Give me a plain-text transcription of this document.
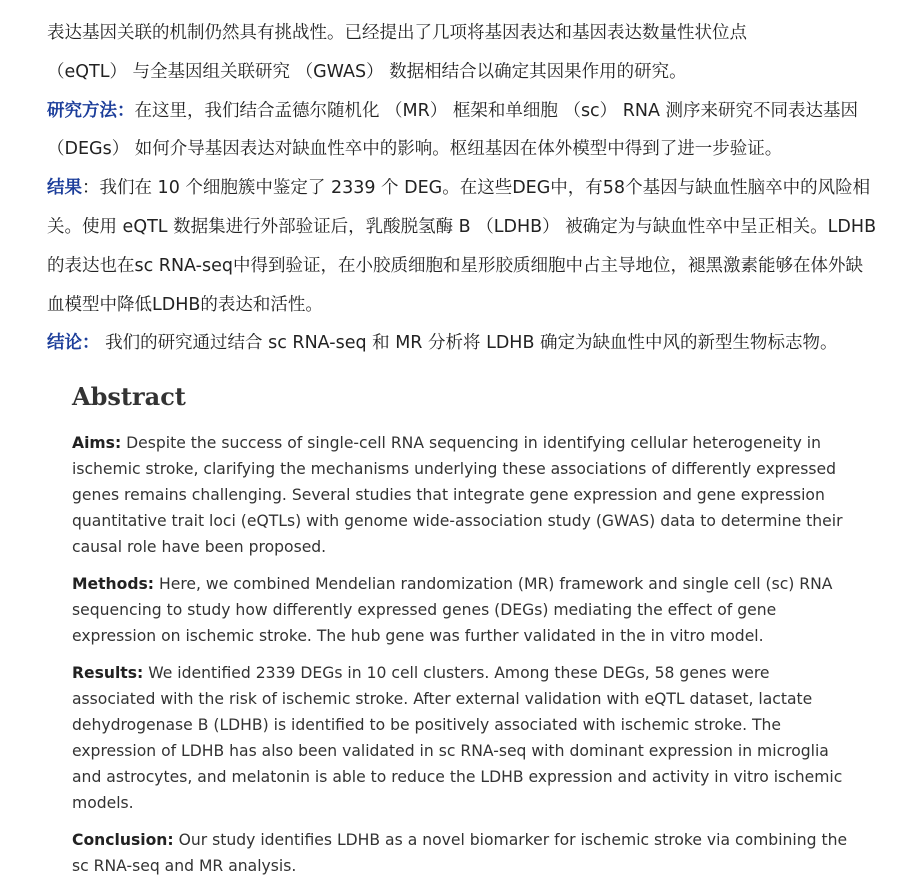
表达基因关联的机制仍然具有挑战性。已经提出了几项将基因表达和基因表达数量性状位点
（eQTL） 与全基因组关联研究 （GWAS） 数据相结合以确定其因果作用的研究。

研究方法：在这里，我们结合孟德尔随机化 （MR） 框架和单细胞 （sc） RNA 测序来研究不同表达基因 （DEGs） 如何介导基因表达对缺血性卒中的影响。枢纽基因在体外模型中得到了进一步验证。

结果：我们在 10 个细胞簇中鉴定了 2339 个 DEG。在这些DEG中，有58个基因与缺血性脑卒中的风险相关。使用 eQTL 数据集进行外部验证后，乳酸脱氢酶 B （LDHB） 被确定为与缺血性卒中呈正相关。LDHB的表达也在sc RNA-seq中得到验证，在小胶质细胞和星形胶质细胞中占主导地位，褪黑激素能够在体外缺血模型中降低LDHB的表达和活性。

结论： 我们的研究通过结合 sc RNA-seq 和 MR 分析将 LDHB 确定为缺血性中风的新型生物标志物。

Abstract

Aims: Despite the success of single-cell RNA sequencing in identifying cellular heterogeneity in ischemic stroke, clarifying the mechanisms underlying these associations of differently expressed genes remains challenging. Several studies that integrate gene expression and gene expression quantitative trait loci (eQTLs) with genome wide-association study (GWAS) data to determine their causal role have been proposed.

Methods: Here, we combined Mendelian randomization (MR) framework and single cell (sc) RNA sequencing to study how differently expressed genes (DEGs) mediating the effect of gene expression on ischemic stroke. The hub gene was further validated in the in vitro model.

Results: We identified 2339 DEGs in 10 cell clusters. Among these DEGs, 58 genes were associated with the risk of ischemic stroke. After external validation with eQTL dataset, lactate dehydrogenase B (LDHB) is identified to be positively associated with ischemic stroke. The expression of LDHB has also been validated in sc RNA-seq with dominant expression in microglia and astrocytes, and melatonin is able to reduce the LDHB expression and activity in vitro ischemic models.

Conclusion: Our study identifies LDHB as a novel biomarker for ischemic stroke via combining the sc RNA-seq and MR analysis.
